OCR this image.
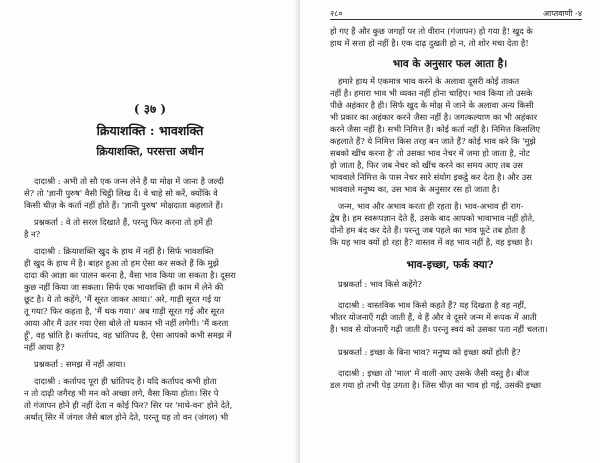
( ३७ )
क्रियाशक्ति : भावशक्ति
क्रियाशक्ति, परसत्ता अधीन
दादाश्री : अभी तो सौ एक जन्म लेने हैं या मोक्ष में जाना है जल्दी
से? तो 'ज्ञानी पुरुष' वैसी चिट्ठी लिख दें। वे चाहे सो करें, क्योंकि वे
किसी चीज़ के कर्ता नहीं होते हैं। 'ज्ञानी पुरुष' मोक्षदाता कहलाते हैं।
प्रश्नकर्ता : वे तो सरल दिखाते हैं, परन्तु फिर करना तो हमें ही
है न?
दादाश्री : क्रियाशक्ति खुद के हाथ में नहीं है। सिर्फ भावशक्ति
ही खुद के हाथ में है। बाहर हुआ तो हम ऐसा कर सकते हैं कि मुझे
दादा की आज्ञा का पालन करना है, वैसा भाव किया जा सकता है। दूसरा
कुछ नहीं किया जा सकता। सिर्फ एक भावशक्ति ही काम में लेने की
छूट है। ये तो कहेंगे, 'मैं सूरत जाकर आया।' अरे, गाड़ी सूरत गई या
तू गया? फिर कहता है, 'मैं थक गया।' अब गाड़ी सूरत गई और सूरत
आया और मैं उतर गया ऐसा बोले तो थकान भी नहीं लगेगी। 'मैं करता
हूँ', वह भ्रांति है। कर्तापद, वह भ्रांतिपद है, ऐसा आपको कभी समझ में
नहीं आया है?
प्रश्नकर्ता : समझ में नहीं आया।
दादाश्री : कर्तापद पूरा ही भ्रांतिपद है। यदि कर्तापद कभी होता
न तो दाढ़ी जगैरह भी मन को अच्छा लगे, वैसा किया होता। सिर पे
तो गंजापन होने ही नहीं देता न कोई फिर? सिर पर 'माथे-वन' होने देते,
अर्थात् सिर में जंगल जैसे बाल होने देते, परन्तु यह तो वन (जंगल) भी
२८०	आप्तवाणी -४
हो गए हैं और कुछ जगहों पर तो वीरान (गंजापन) हो गया है! खुद के
हाथ में सत्ता हो नहीं है। एक दाढ़ दुखती हो न, तो शोर मचा देता है!
भाव के अनुसार फल आता है।
हमारे हाथ में एकमात्र भाव करने के अलावा दूसरी कोई ताकत
नहीं है। हमारा भाव भी व्यक्त नहीं होना चाहिए। भाव किया तो उसके
पीछे अहंकार है ही। सिर्फ खुद के मोक्ष में जाने के अलावा अन्य किसी
भी प्रकार का अहंकार करने जैसा नहीं है। जगत्कल्याण का भी अहंकार
करने जैसा नहीं है। सभी निमित्त हैं। कोई कर्ता नहीं है। निमित्त किसलिए
कहलाते हैं? ये निमित्त किस तरह बन जाते हैं? कोई भाव करे कि 'मुझे
सबको खींच करना है' तो उसका भाव नेचर में जमा हो जाता है, नोट
हो जाता है, फिर जब नेचर को खींच करने का समय आए तब उस
भाववाले निमित्त के पास नेचर सारे संयोग इकट्ठे कर देता है। और उस
भाववाले मनुष्य का, उस भाव के अनुसार रस हो जाता है।
जन्म, भाव और अभाव करता ही रहता है। भाव-अभाव ही राग-
द्वेष है। हम स्वरूपज्ञान देते हैं, उसके बाद आपको भावाभाव नहीं होते,
दोनों हम बंद कर देते हैं। परन्तु जब पहले का भाव फूटे तब होता है
कि यह भाव क्यों हो रहा है? वास्तव में वह भाव नहीं है, वह इच्छा है।
भाव-इच्छा, फर्क क्या?
प्रश्नकर्ता : भाव किसे कहेंगे?
दादाश्री : वास्तविक भाव किसे कहते हैं? यह दिखता है वह नहीं,
भीतर योजनाएँ गढ़ी जाती हैं, वे हैं और वे दूसरे जन्म में रूपक में आती
हैं। भाव से योजनाएँ गढ़ी जाती हैं। परन्तु स्वयं को उसका पता नहीं चलता।
प्रश्नकर्ता : इच्छा के बिना भाव? मनुष्य को इच्छा क्यों होती है?
दादाश्री : इच्छा तो 'माल' में वाली आए उसके जैसी वस्तु है। बीज
डल गया हो तभी पेड़ उगता है। जिस चीज़ का भाव हो गई, उसकी इच्छा
